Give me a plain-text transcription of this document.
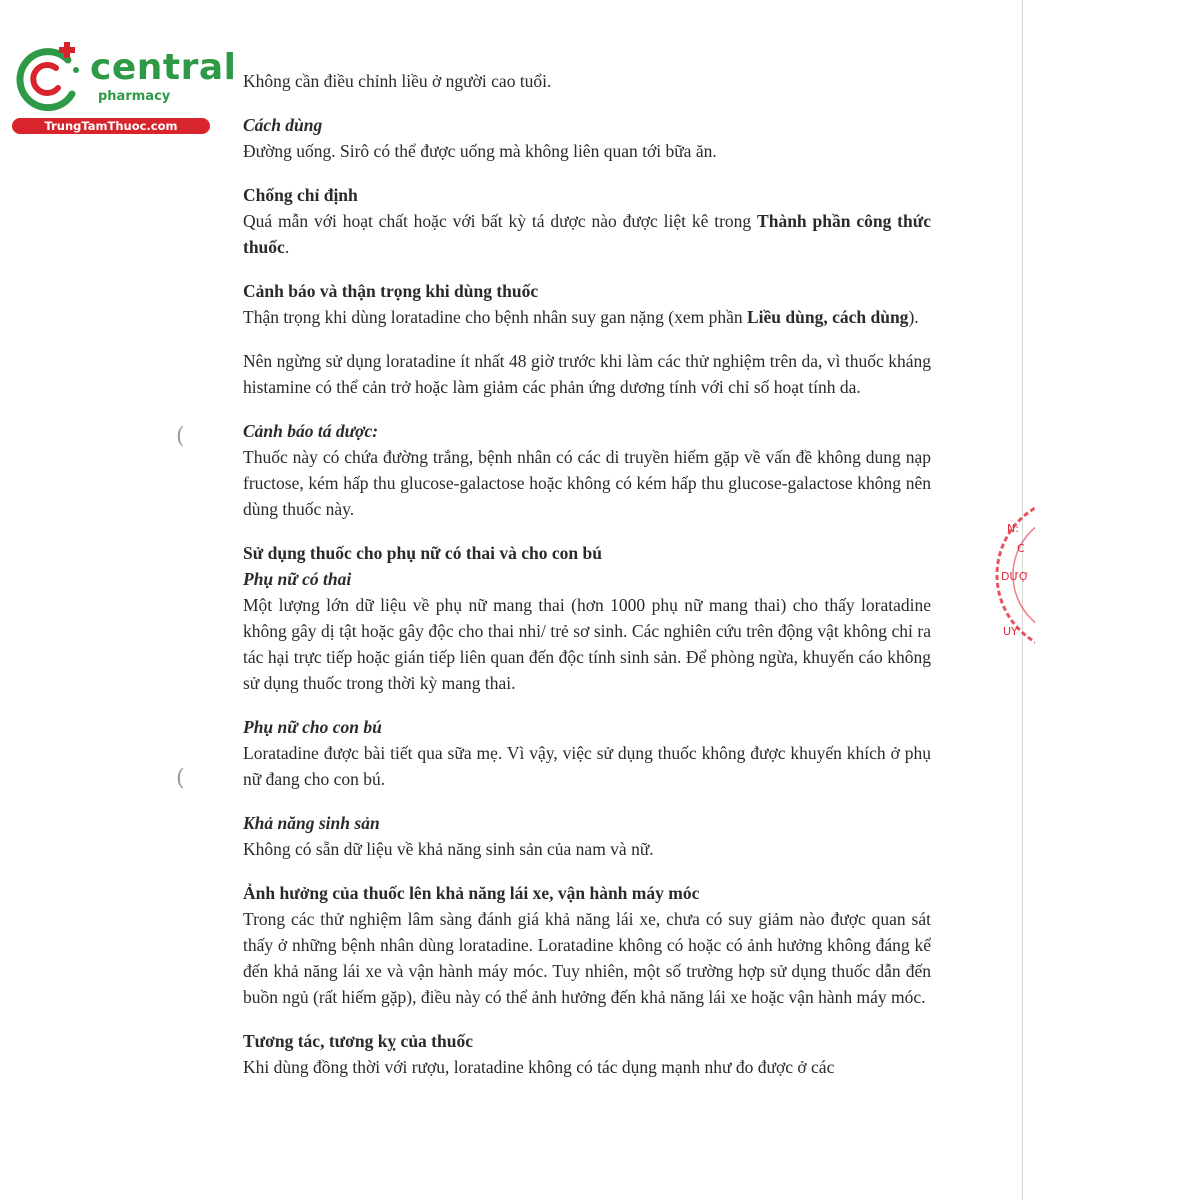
central
pharmacy
TrungTamThuoc.com
N:
C
DƯỢ
UY
(
(

Không cần điều chỉnh liều ở người cao tuổi.

Cách dùng

Đường uống. Sirô có thể được uống mà không liên quan tới bữa ăn.

Chống chỉ định

Quá mẫn với hoạt chất hoặc với bất kỳ tá dược nào được liệt kê trong Thành phần công thức thuốc.

Cảnh báo và thận trọng khi dùng thuốc

Thận trọng khi dùng loratadine cho bệnh nhân suy gan nặng (xem phần Liều dùng, cách dùng).

Nên ngừng sử dụng loratadine ít nhất 48 giờ trước khi làm các thử nghiệm trên da, vì thuốc kháng histamine có thể cản trở hoặc làm giảm các phản ứng dương tính với chỉ số hoạt tính da.

Cảnh báo tá dược:

Thuốc này có chứa đường trắng, bệnh nhân có các di truyền hiếm gặp về vấn đề không dung nạp fructose, kém hấp thu glucose-galactose hoặc không có kém hấp thu glucose-galactose không nên dùng thuốc này.

Sử dụng thuốc cho phụ nữ có thai và cho con bú

Phụ nữ có thai

Một lượng lớn dữ liệu về phụ nữ mang thai (hơn 1000 phụ nữ mang thai) cho thấy loratadine không gây dị tật hoặc gây độc cho thai nhi/ trẻ sơ sinh. Các nghiên cứu trên động vật không chỉ ra tác hại trực tiếp hoặc gián tiếp liên quan đến độc tính sinh sản. Để phòng ngừa, khuyến cáo không sử dụng thuốc trong thời kỳ mang thai.

Phụ nữ cho con bú

Loratadine được bài tiết qua sữa mẹ. Vì vậy, việc sử dụng thuốc không được khuyến khích ở phụ nữ đang cho con bú.

Khả năng sinh sản

Không có sẵn dữ liệu về khả năng sinh sản của nam và nữ.

Ảnh hưởng của thuốc lên khả năng lái xe, vận hành máy móc

Trong các thử nghiệm lâm sàng đánh giá khả năng lái xe, chưa có suy giảm nào được quan sát thấy ở những bệnh nhân dùng loratadine. Loratadine không có hoặc có ảnh hưởng không đáng kể đến khả năng lái xe và vận hành máy móc. Tuy nhiên, một số trường hợp sử dụng thuốc dẫn đến buồn ngủ (rất hiếm gặp), điều này có thể ảnh hưởng đến khả năng lái xe hoặc vận hành máy móc.

Tương tác, tương kỵ của thuốc

Khi dùng đồng thời với rượu, loratadine không có tác dụng mạnh như đo được ở các
